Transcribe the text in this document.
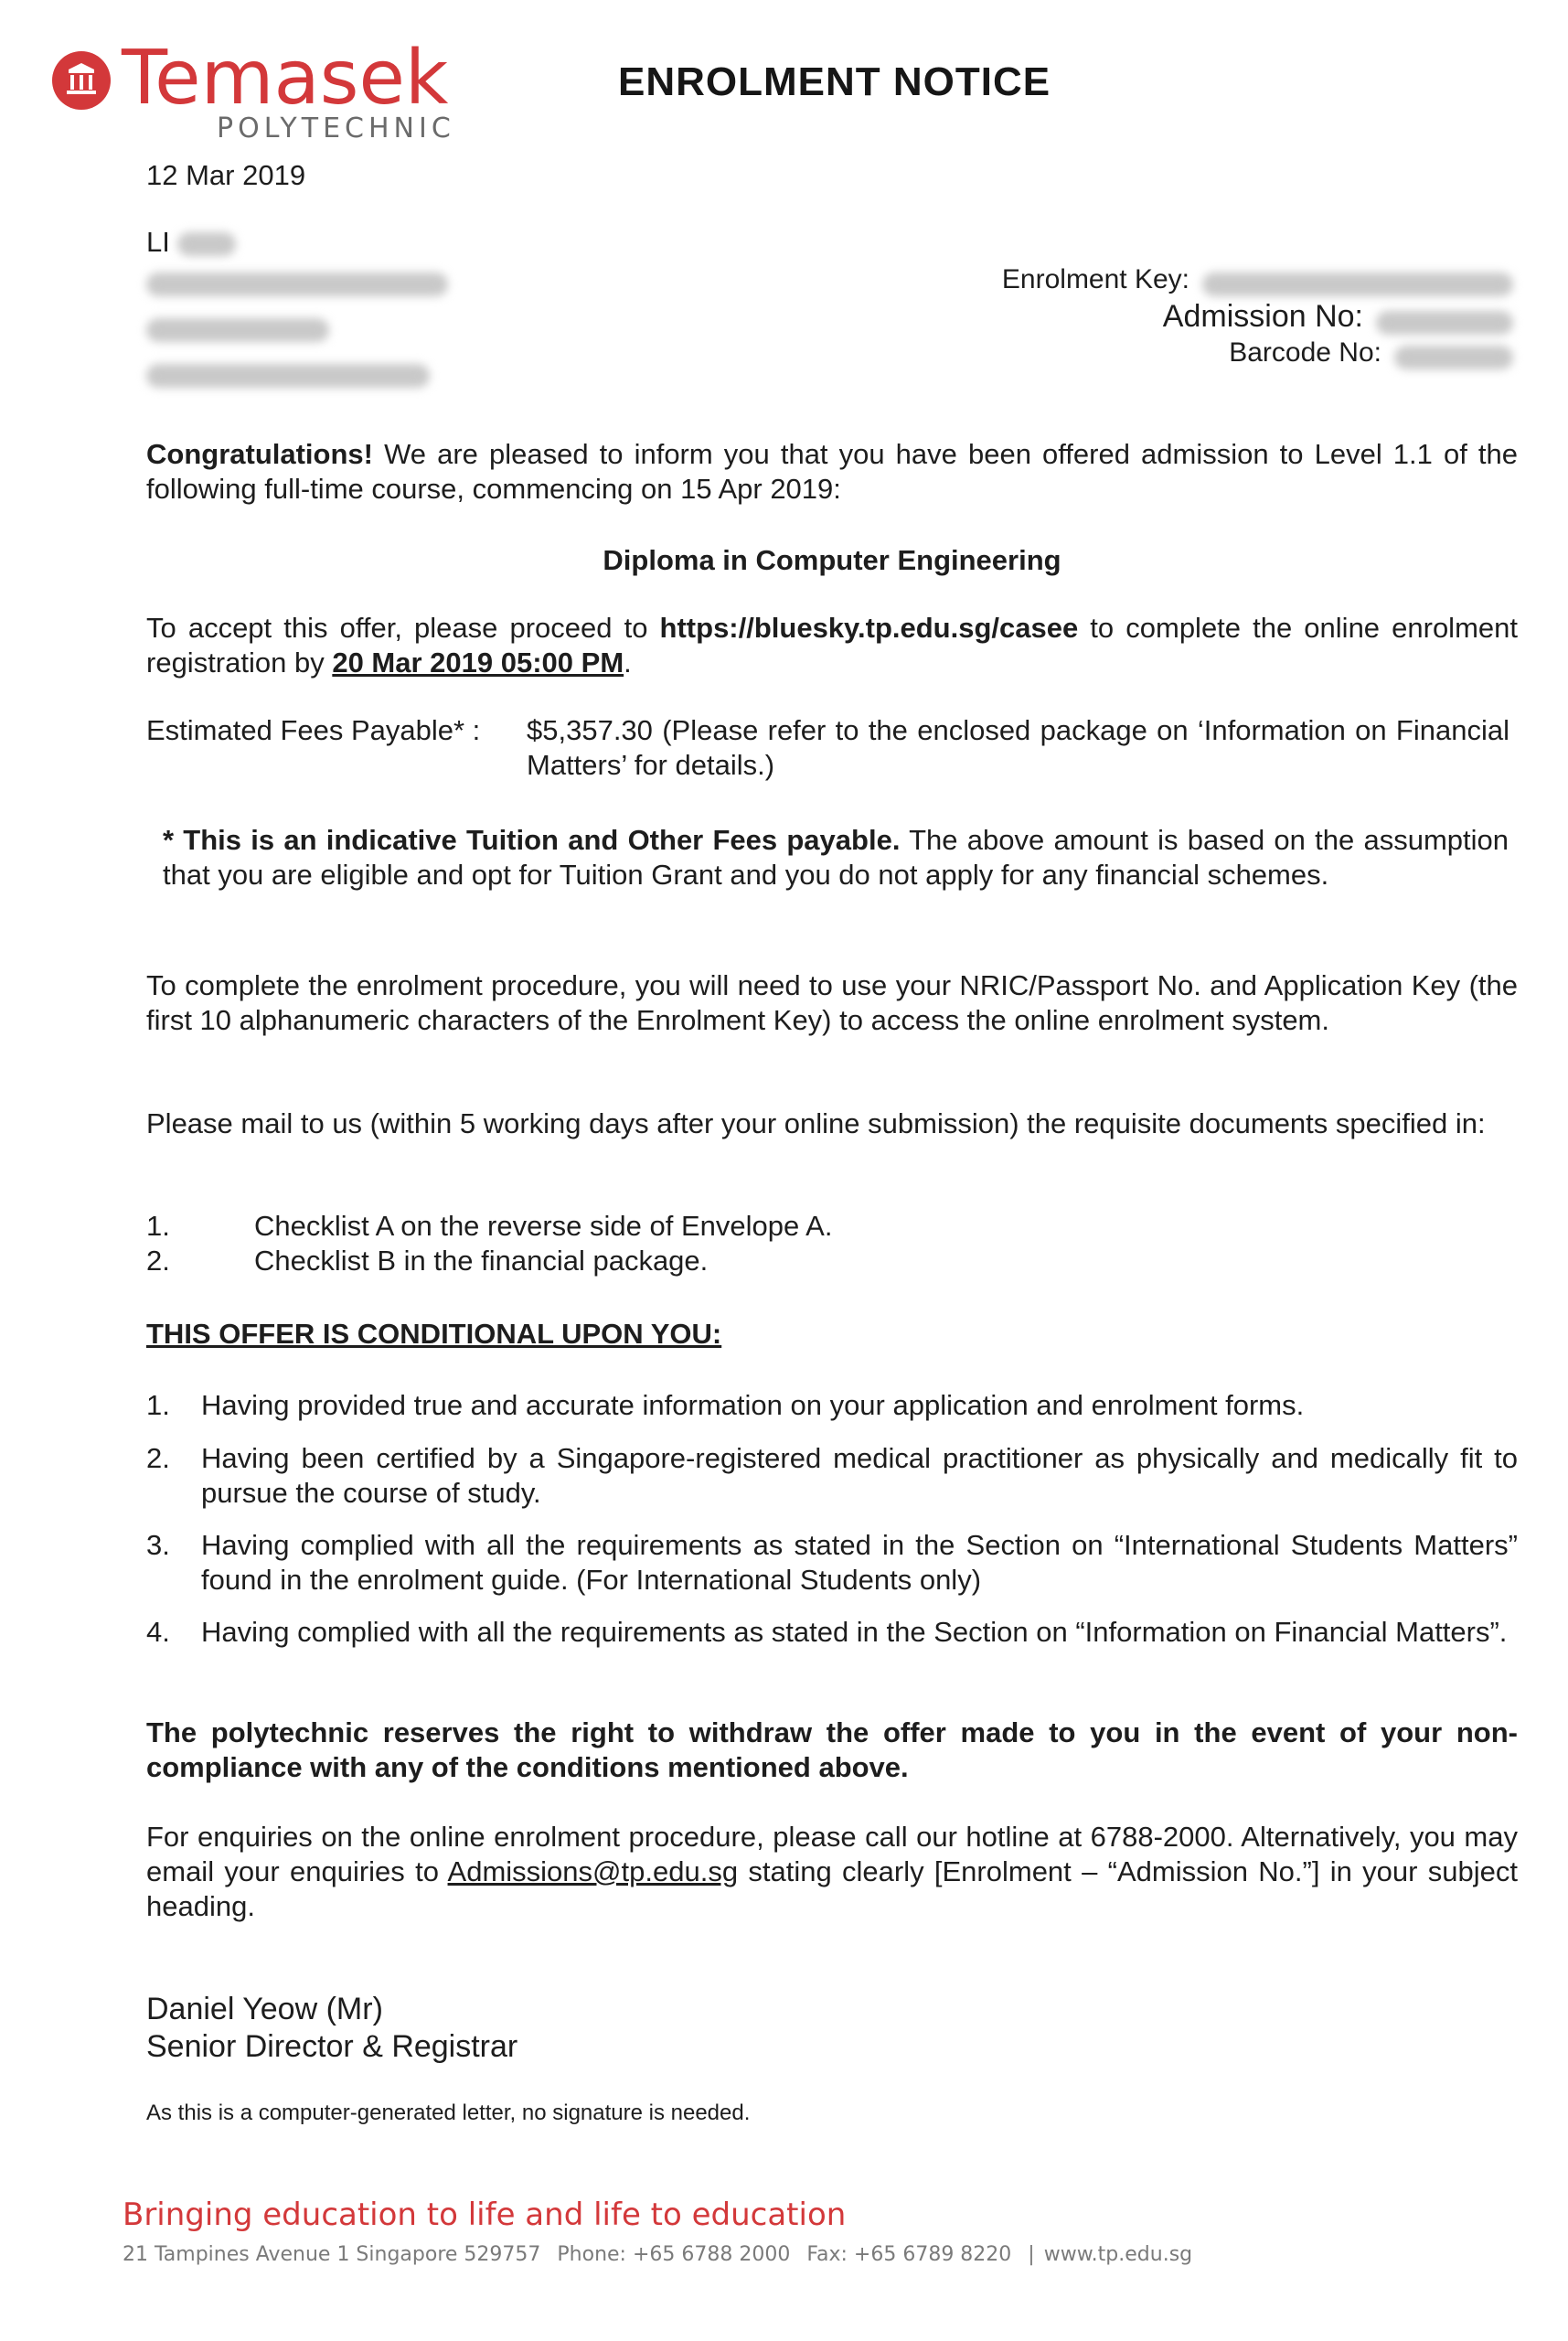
Temasek
POLYTECHNIC
ENROLMENT NOTICE
12 Mar 2019
LI
Enrolment Key:
Admission No:
Barcode No:
Congratulations! We are pleased to inform you that you have been offered admission to Level 1.1 of the following full-time course, commencing on 15 Apr 2019:
Diploma in Computer Engineering
To accept this offer, please proceed to https://bluesky.tp.edu.sg/casee to complete the online enrolment registration by 20 Mar 2019 05:00 PM.
Estimated Fees Payable* : $5,357.30 (Please refer to the enclosed package on ‘Information on Financial Matters’ for details.)
* This is an indicative Tuition and Other Fees payable. The above amount is based on the assumption that you are eligible and opt for Tuition Grant and you do not apply for any financial schemes.
To complete the enrolment procedure, you will need to use your NRIC/Passport No. and Application Key (the first 10 alphanumeric characters of the Enrolment Key) to access the online enrolment system.
Please mail to us (within 5 working days after your online submission) the requisite documents specified in:
1.	Checklist A on the reverse side of Envelope A.
2.	Checklist B in the financial package.
THIS OFFER IS CONDITIONAL UPON YOU:
1. Having provided true and accurate information on your application and enrolment forms.
2. Having been certified by a Singapore-registered medical practitioner as physically and medically fit to pursue the course of study.
3. Having complied with all the requirements as stated in the Section on “International Students Matters” found in the enrolment guide. (For International Students only)
4. Having complied with all the requirements as stated in the Section on “Information on Financial Matters”.
The polytechnic reserves the right to withdraw the offer made to you in the event of your non-compliance with any of the conditions mentioned above.
For enquiries on the online enrolment procedure, please call our hotline at 6788-2000. Alternatively, you may email your enquiries to Admissions@tp.edu.sg stating clearly [Enrolment – “Admission No.”] in your subject heading.
Daniel Yeow (Mr)
Senior Director & Registrar
As this is a computer-generated letter, no signature is needed.
Bringing education to life and life to education
21 Tampines Avenue 1 Singapore 529757 Phone: +65 6788 2000 Fax: +65 6789 8220 | www.tp.edu.sg
